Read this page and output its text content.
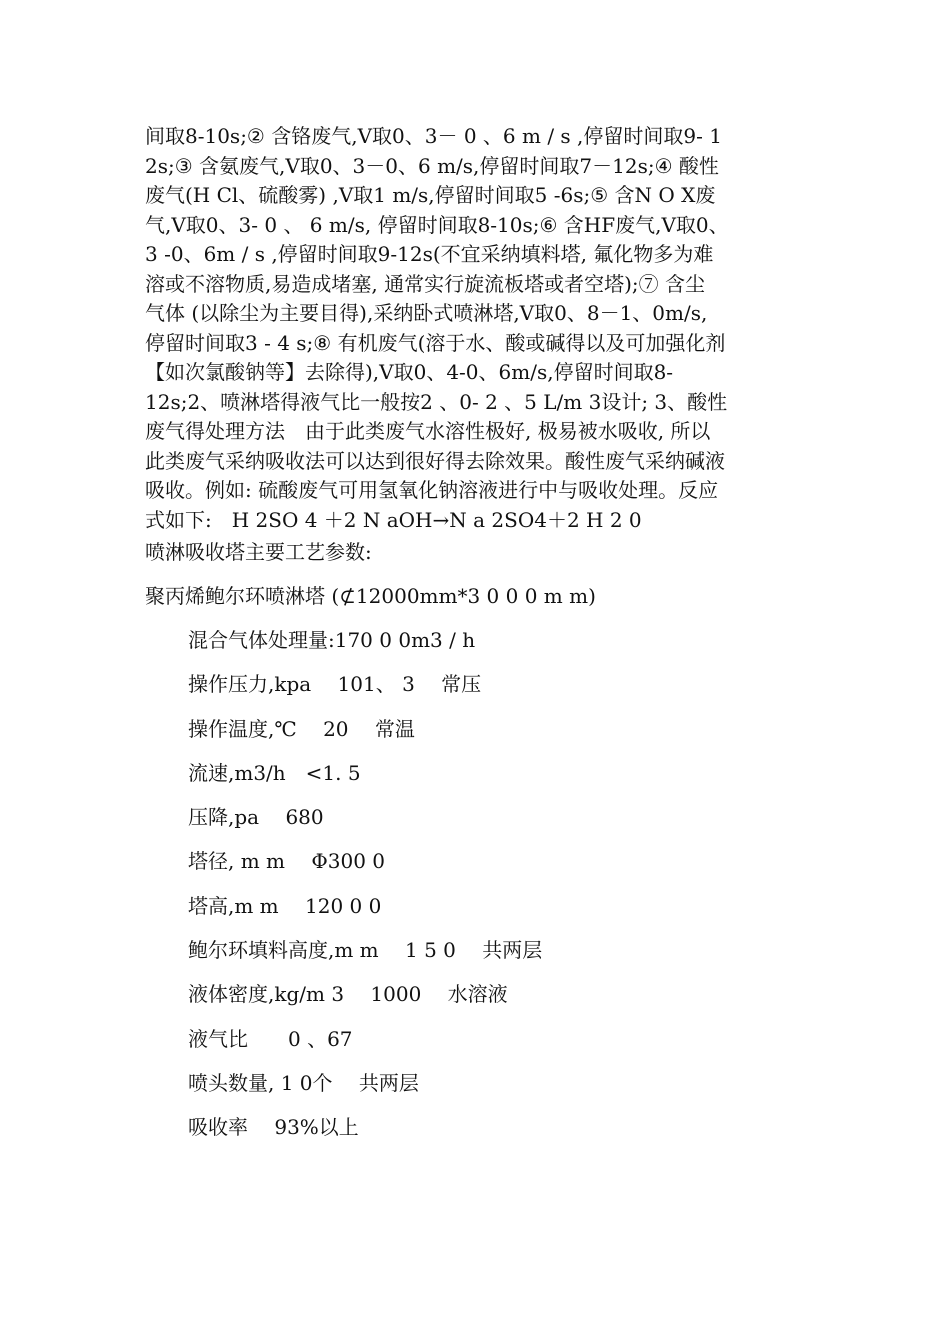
间取8-10s;② 含铬废气,V取0、3－ 0 、6 m / s ,停留时间取9- 1
2s;③ 含氨废气,V取0、3－0、6 m/s,停留时间取7－12s;④ 酸性
废气(H Cl、硫酸雾) ,V取1 m/s,停留时间取5 -6s;⑤ 含N O X废
气,V取0、3- 0 、 6 m/s, 停留时间取8-10s;⑥ 含HF废气,V取0、
3 -0、6m / s ,停留时间取9-12s(不宜采纳填料塔, 氟化物多为难
溶或不溶物质,易造成堵塞, 通常实行旋流板塔或者空塔);⑦ 含尘
气体 (以除尘为主要目得),采纳卧式喷淋塔,V取0、8－1、0m/s,
停留时间取3 - 4 s;⑧ 有机废气(溶于水、酸或碱得以及可加强化剂
【如次氯酸钠等】去除得),V取0、4-0、6m/s,停留时间取8-
12s;2、喷淋塔得液气比一般按2 、0- 2 、5 L/m 3设计; 3、酸性
废气得处理方法　由于此类废气水溶性极好, 极易被水吸收, 所以
此类废气采纳吸收法可以达到很好得去除效果。酸性废气采纳碱液
吸收。例如: 硫酸废气可用氢氧化钠溶液进行中与吸收处理。反应
式如下:　H 2SO 4 ＋2 N aOH→N a 2SO4＋2 H 2 0
喷淋吸收塔主要工艺参数:
聚丙烯鲍尔环喷淋塔 (⊄12000mm*3 0 0 0 m m)
混合气体处理量:170 0 0m3 / h
操作压力,kpa　 101、 3　 常压
操作温度,℃　 20　 常温
流速,m3/h　<1. 5
压降,pa　 680
塔径, m m　 Φ300 0
塔高,m m　 120 0 0
鲍尔环填料高度,m m　 1 5 0　 共两层
液体密度,kg/m 3　 1000　 水溶液
液气比　　0 、67
喷头数量, 1 0个　 共两层
吸收率　 93%以上
